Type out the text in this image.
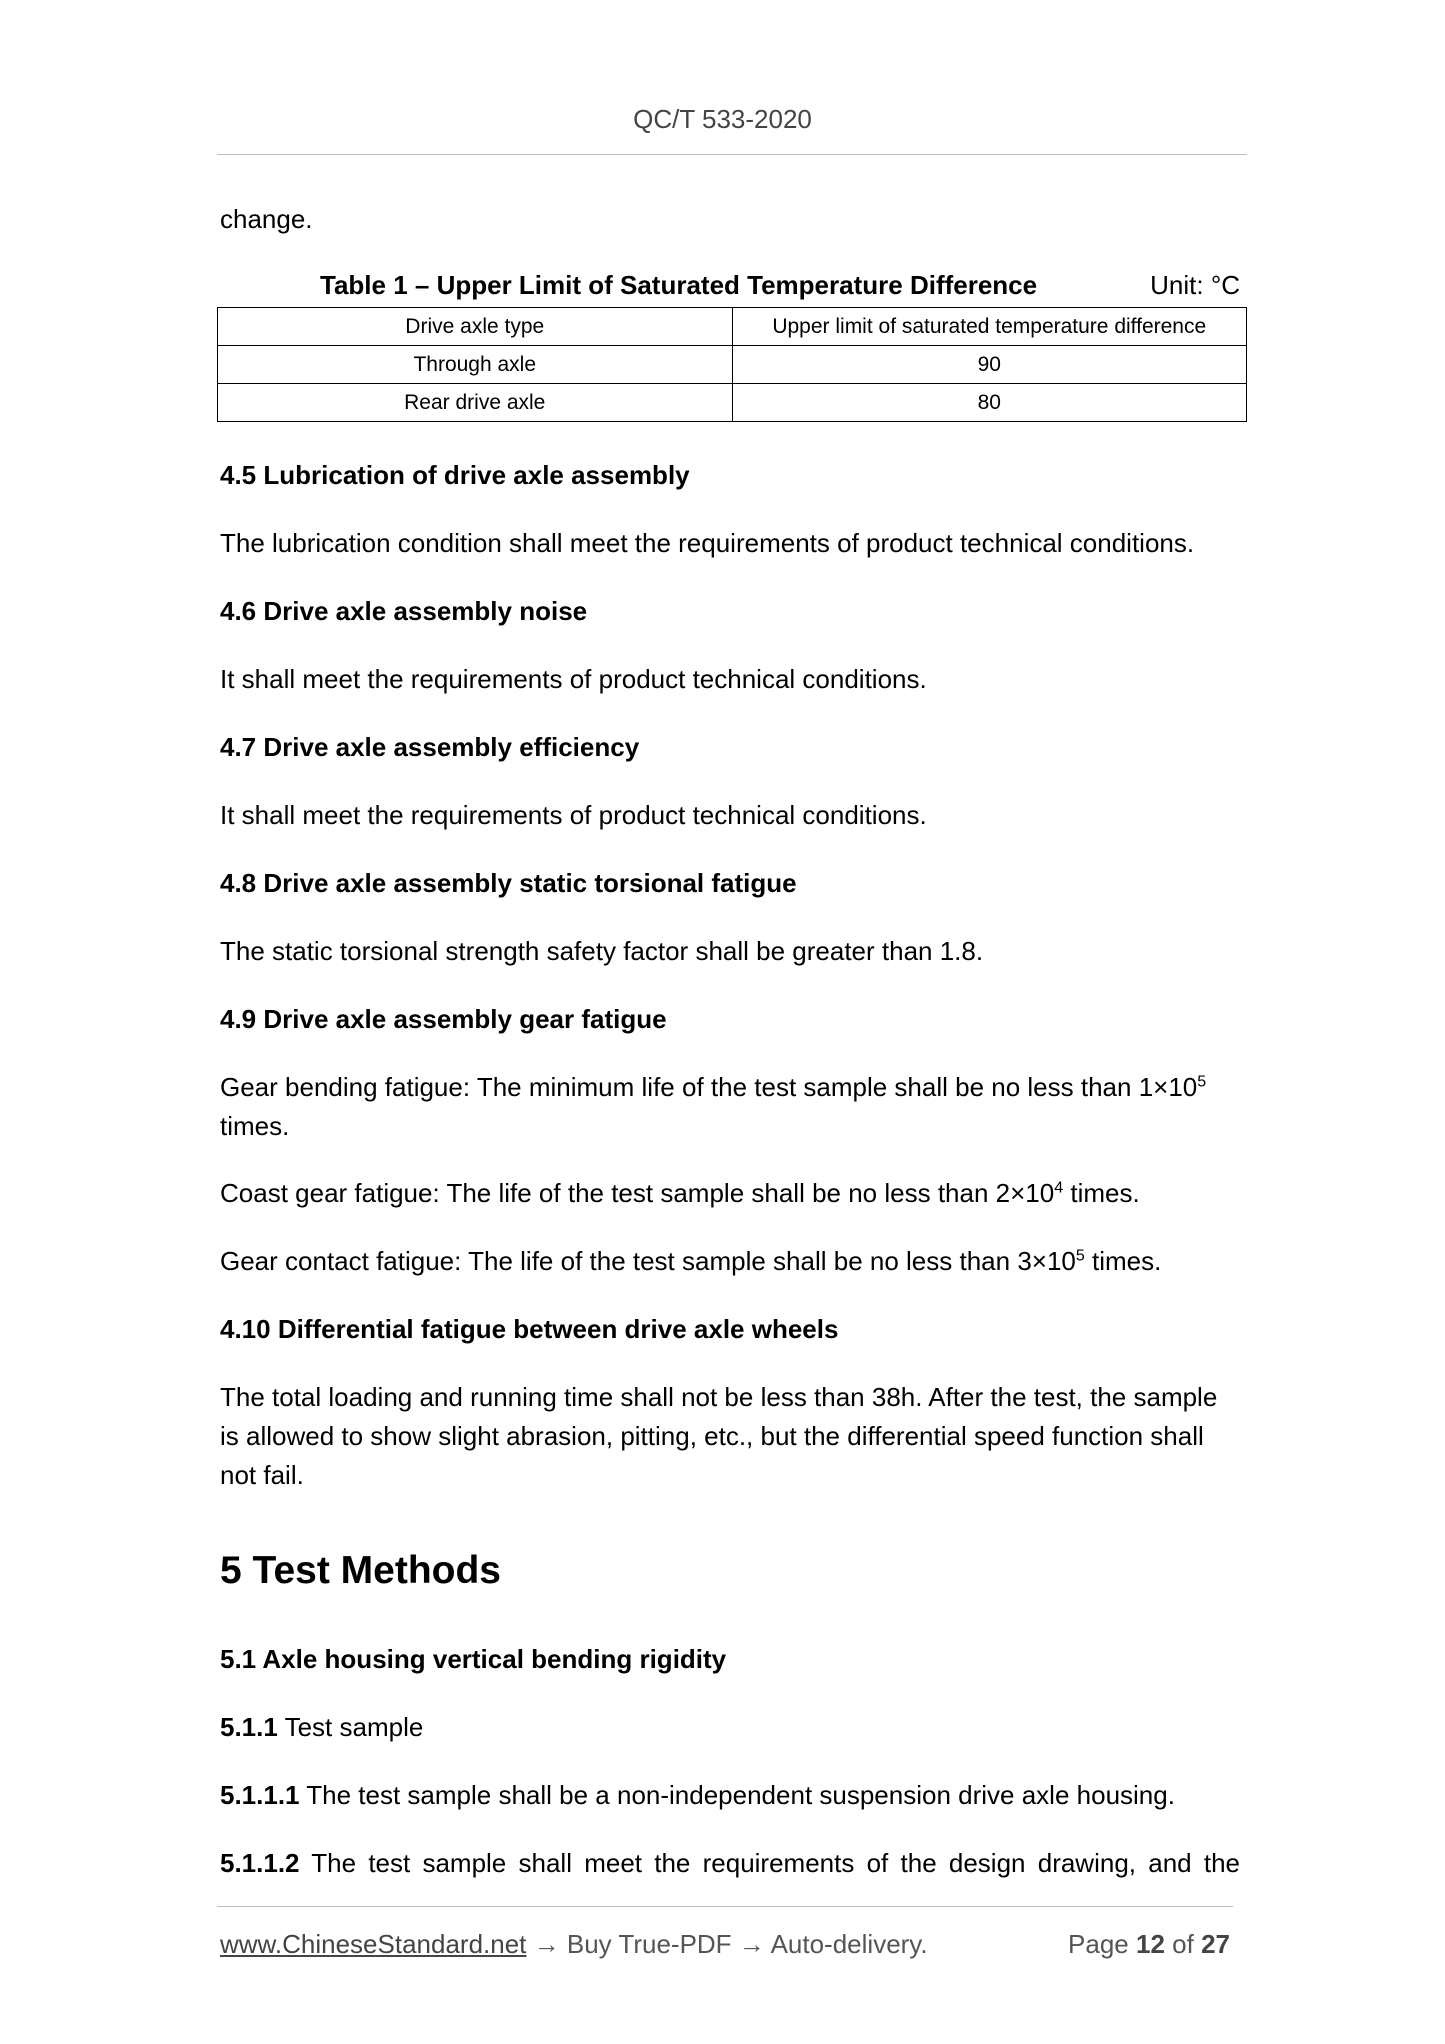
QC/T 533-2020

change.

Table 1 – Upper Limit of Saturated Temperature Difference	Unit: °C
Drive axle type	Upper limit of saturated temperature difference
Through axle	90
Rear drive axle	80

4.5 Lubrication of drive axle assembly

The lubrication condition shall meet the requirements of product technical conditions.

4.6 Drive axle assembly noise

It shall meet the requirements of product technical conditions.

4.7 Drive axle assembly efficiency

It shall meet the requirements of product technical conditions.

4.8 Drive axle assembly static torsional fatigue

The static torsional strength safety factor shall be greater than 1.8.

4.9 Drive axle assembly gear fatigue

Gear bending fatigue: The minimum life of the test sample shall be no less than $1\times 10^5$
times.

Coast gear fatigue: The life of the test sample shall be no less than $2\times 10^4$ times.

Gear contact fatigue: The life of the test sample shall be no less than $3\times 10^5$ times.

4.10 Differential fatigue between drive axle wheels

The total loading and running time shall not be less than 38h. After the test, the sample
is allowed to show slight abrasion, pitting, etc., but the differential speed function shall
not fail.

5 Test Methods

5.1 Axle housing vertical bending rigidity

5.1.1 Test sample

5.1.1.1 The test sample shall be a non-independent suspension drive axle housing.

5.1.1.2 The test sample shall meet the requirements of the design drawing, and the

www.ChineseStandard.net → Buy True-PDF → Auto-delivery.	Page 12 of 27
